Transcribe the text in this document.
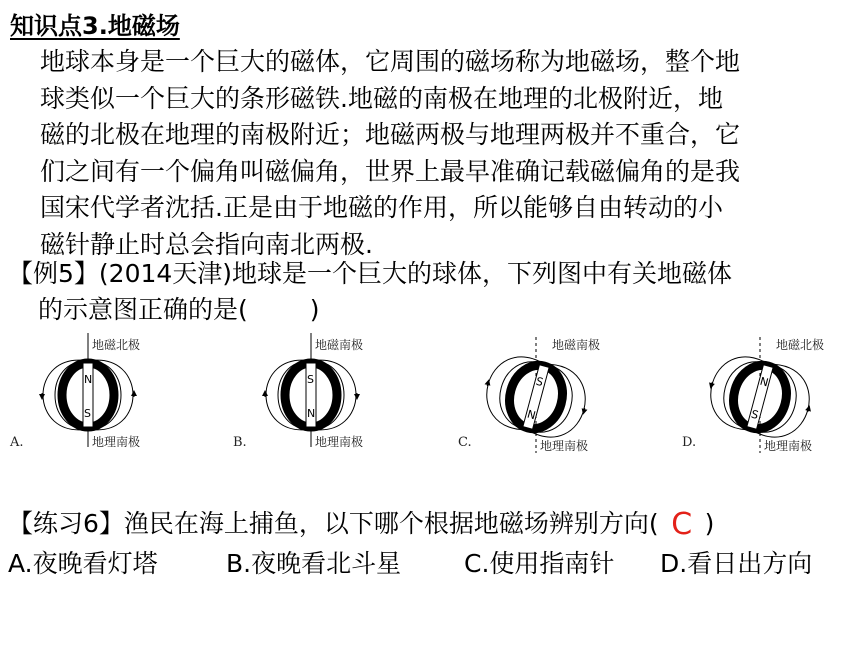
知识点3.地磁场
地球本身是一个巨大的磁体，它周围的磁场称为地磁场，整个地
球类似一个巨大的条形磁铁.地磁的南极在地理的北极附近，地
磁的北极在地理的南极附近；地磁两极与地理两极并不重合，它
们之间有一个偏角叫磁偏角，世界上最早准确记载磁偏角的是我
国宋代学者沈括.正是由于地磁的作用，所以能够自由转动的小
磁针静止时总会指向南北两极.
【例5】(2014天津)地球是一个巨大的球体，下列图中有关地磁体
的示意图正确的是( )
N
S
地磁北极
地理南极
A.
S
N
地磁南极
地理南极
B.
S
N
地磁南极
地理南极
C.
N
S
地磁北极
地理南极
D.
【练习6】渔民在海上捕鱼，以下哪个根据地磁场辨别方向( C )
A.夜晚看灯塔	B.夜晚看北斗星	C.使用指南针 D.看日出方向
